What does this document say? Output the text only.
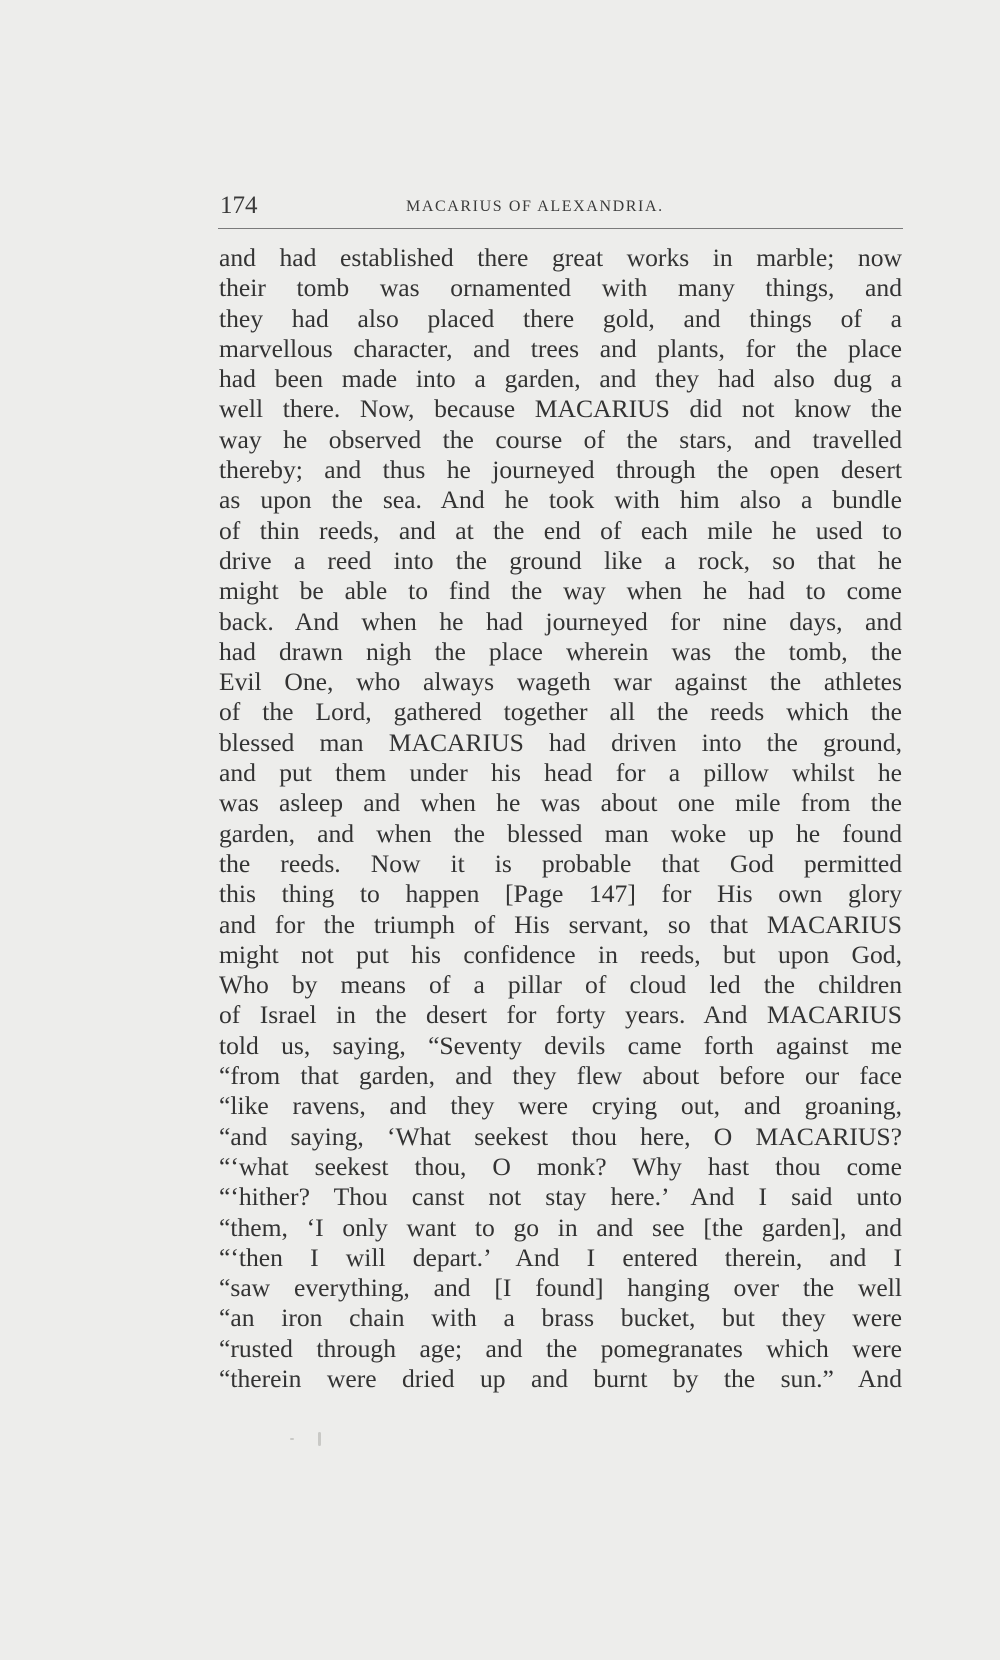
174	MACARIUS OF ALEXANDRIA.
and had established there great works in marble; now
their tomb was ornamented with many things, and
they had also placed there gold, and things of a
marvellous character, and trees and plants, for the place
had been made into a garden, and they had also dug a
well there. Now, because MACARIUS did not know the
way he observed the course of the stars, and travelled
thereby; and thus he journeyed through the open desert
as upon the sea. And he took with him also a bundle
of thin reeds, and at the end of each mile he used to
drive a reed into the ground like a rock, so that he
might be able to find the way when he had to come
back. And when he had journeyed for nine days, and
had drawn nigh the place wherein was the tomb, the
Evil One, who always wageth war against the athletes
of the Lord, gathered together all the reeds which the
blessed man MACARIUS had driven into the ground,
and put them under his head for a pillow whilst he
was asleep and when he was about one mile from the
garden, and when the blessed man woke up he found
the reeds. Now it is probable that God permitted
this thing to happen [Page 147] for His own glory
and for the triumph of His servant, so that MACARIUS
might not put his confidence in reeds, but upon God,
Who by means of a pillar of cloud led the children
of Israel in the desert for forty years. And MACARIUS
told us, saying, “Seventy devils came forth against me
“from that garden, and they flew about before our face
“like ravens, and they were crying out, and groaning,
“and saying, ‘What seekest thou here, O MACARIUS?
“‘what seekest thou, O monk? Why hast thou come
“‘hither? Thou canst not stay here.’ And I said unto
“them, ‘I only want to go in and see [the garden], and
“‘then I will depart.’ And I entered therein, and I
“saw everything, and [I found] hanging over the well
“an iron chain with a brass bucket, but they were
“rusted through age; and the pomegranates which were
“therein were dried up and burnt by the sun.” And
